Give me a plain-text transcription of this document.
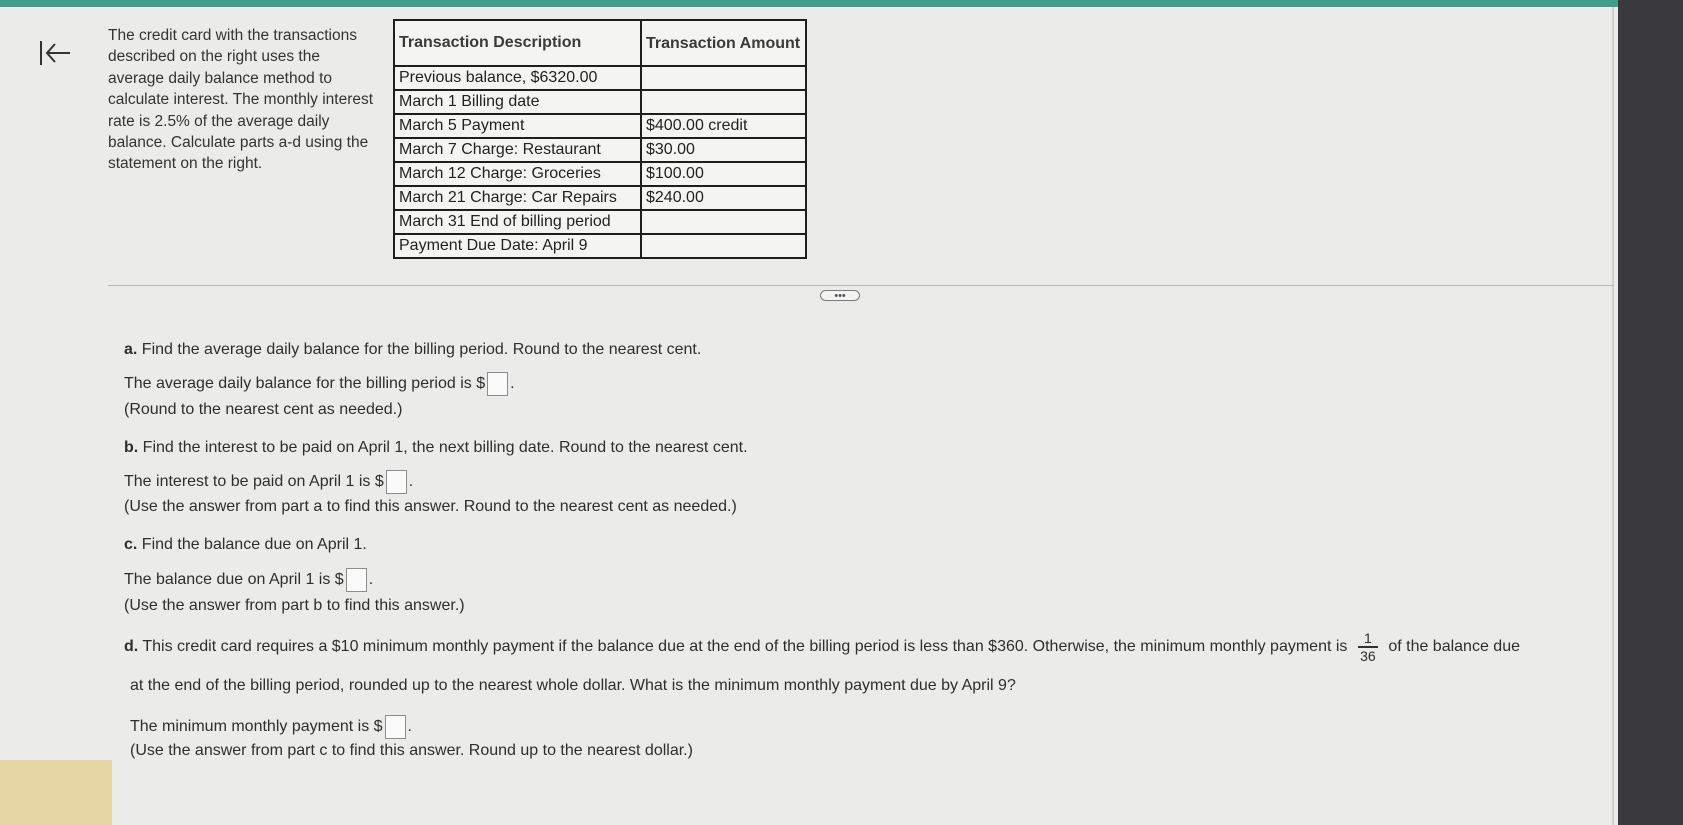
The credit card with the transactions described on the right uses the average daily balance method to calculate interest. The monthly interest rate is 2.5% of the average daily balance. Calculate parts a-d using the statement on the right.
Transaction Description	Transaction Amount
Previous balance, $6320.00	
March 1 Billing date	
March 5 Payment	$400.00 credit
March 7 Charge: Restaurant	$30.00
March 12 Charge: Groceries	$100.00
March 21 Charge: Car Repairs	$240.00
March 31 End of billing period	
Payment Due Date: April 9	
•••
a. Find the average daily balance for the billing period. Round to the nearest cent.
The average daily balance for the billing period is $ .
(Round to the nearest cent as needed.)
b. Find the interest to be paid on April 1, the next billing date. Round to the nearest cent.
The interest to be paid on April 1 is $ .
(Use the answer from part a to find this answer. Round to the nearest cent as needed.)
c. Find the balance due on April 1.
The balance due on April 1 is $ .
(Use the answer from part b to find this answer.)
d. This credit card requires a $10 minimum monthly payment if the balance due at the end of the billing period is less than $360. Otherwise, the minimum monthly payment is $\frac{1}{36}$ of the balance due
at the end of the billing period, rounded up to the nearest whole dollar. What is the minimum monthly payment due by April 9?
The minimum monthly payment is $ .
(Use the answer from part c to find this answer. Round up to the nearest dollar.)
